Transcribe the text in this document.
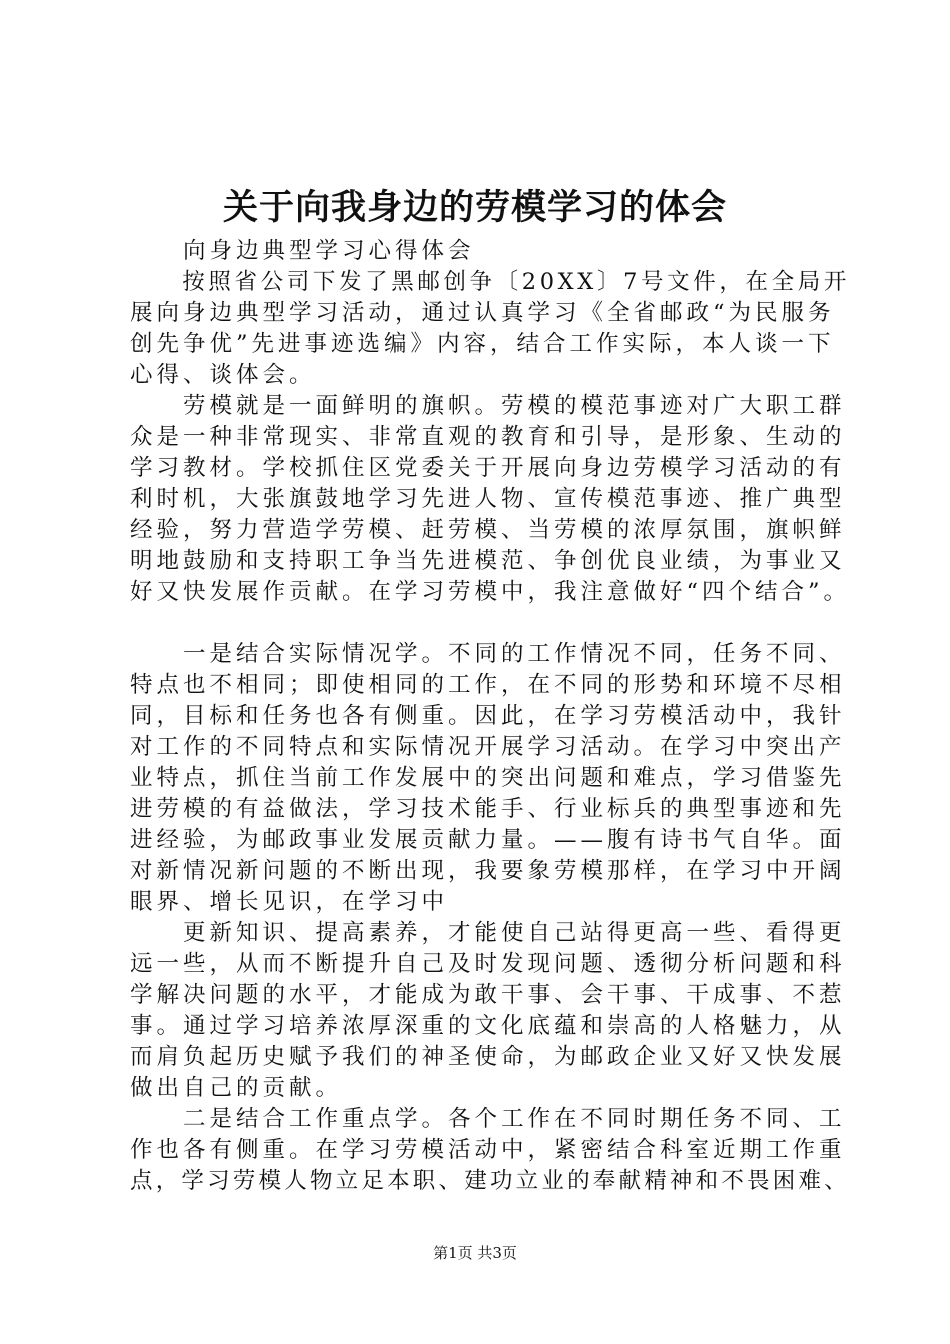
关于向我身边的劳模学习的体会
　　向身边典型学习心得体会
　　按照省公司下发了黑邮创争〔20XX〕7号文件，在全局开
展向身边典型学习活动，通过认真学习《全省邮政“为民服务
创先争优”先进事迹选编》内容，结合工作实际，本人谈一下
心得、谈体会。
　　劳模就是一面鲜明的旗帜。劳模的模范事迹对广大职工群
众是一种非常现实、非常直观的教育和引导，是形象、生动的
学习教材。学校抓住区党委关于开展向身边劳模学习活动的有
利时机，大张旗鼓地学习先进人物、宣传模范事迹、推广典型
经验，努力营造学劳模、赶劳模、当劳模的浓厚氛围，旗帜鲜
明地鼓励和支持职工争当先进模范、争创优良业绩，为事业又
好又快发展作贡献。在学习劳模中，我注意做好“四个结合”。
　　一是结合实际情况学。不同的工作情况不同，任务不同、
特点也不相同；即使相同的工作，在不同的形势和环境不尽相
同，目标和任务也各有侧重。因此，在学习劳模活动中，我针
对工作的不同特点和实际情况开展学习活动。在学习中突出产
业特点，抓住当前工作发展中的突出问题和难点，学习借鉴先
进劳模的有益做法，学习技术能手、行业标兵的典型事迹和先
进经验，为邮政事业发展贡献力量。——腹有诗书气自华。面
对新情况新问题的不断出现，我要象劳模那样，在学习中开阔
眼界、增长见识，在学习中
　　更新知识、提高素养，才能使自己站得更高一些、看得更
远一些，从而不断提升自己及时发现问题、透彻分析问题和科
学解决问题的水平，才能成为敢干事、会干事、干成事、不惹
事。通过学习培养浓厚深重的文化底蕴和崇高的人格魅力，从
而肩负起历史赋予我们的神圣使命，为邮政企业又好又快发展
做出自己的贡献。
　　二是结合工作重点学。各个工作在不同时期任务不同、工
作也各有侧重。在学习劳模活动中，紧密结合科室近期工作重
点，学习劳模人物立足本职、建功立业的奉献精神和不畏困难、
第1页 共3页
